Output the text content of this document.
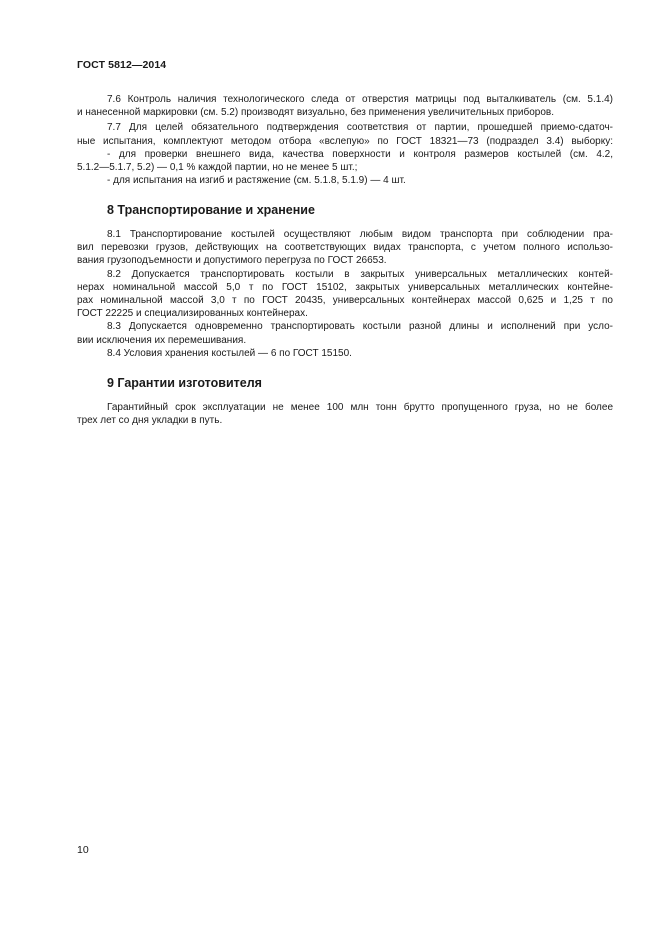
ГОСТ 5812—2014

7.6 Контроль наличия технологического следа от отверстия матрицы под выталкиватель (см. 5.1.4)
и нанесенной маркировки (см. 5.2) производят визуально, без применения увеличительных приборов.

7.7 Для целей обязательного подтверждения соответствия от партии, прошедшей приемо-сдаточ-
ные испытания, комплектуют методом отбора «вслепую» по ГОСТ 18321—73 (подраздел 3.4) выборку:
- для проверки внешнего вида, качества поверхности и контроля размеров костылей (см. 4.2,
5.1.2—5.1.7, 5.2) — 0,1 % каждой партии, но не менее 5 шт.;
- для испытания на изгиб и растяжение (см. 5.1.8, 5.1.9) — 4 шт.

8 Транспортирование и хранение

8.1 Транспортирование костылей осуществляют любым видом транспорта при соблюдении пра-
вил перевозки грузов, действующих на соответствующих видах транспорта, с учетом полного использо-
вания грузоподъемности и допустимого перегруза по ГОСТ 26653.

8.2 Допускается транспортировать костыли в закрытых универсальных металлических контей-
нерах номинальной массой 5,0 т по ГОСТ 15102, закрытых универсальных металлических контейне-
рах номинальной массой 3,0 т по ГОСТ 20435, универсальных контейнерах массой 0,625 и 1,25 т по
ГОСТ 22225 и специализированных контейнерах.

8.3 Допускается одновременно транспортировать костыли разной длины и исполнений при усло-
вии исключения их перемешивания.

8.4 Условия хранения костылей — 6 по ГОСТ 15150.

9 Гарантии изготовителя

Гарантийный срок эксплуатации не менее 100 млн тонн брутто пропущенного груза, но не более
трех лет со дня укладки в путь.

10
